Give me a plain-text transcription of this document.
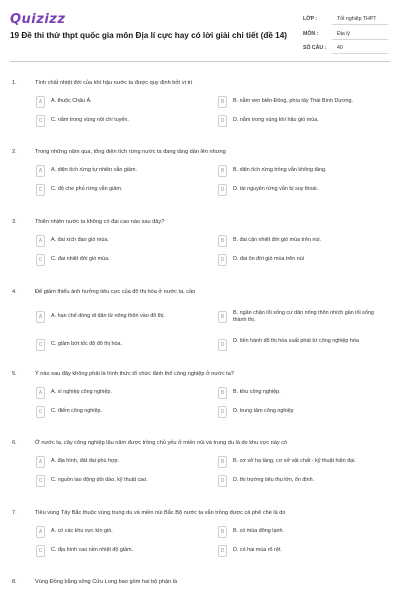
Quizizz
19 Đề thi thử thpt quốc gia môn Địa lí cực hay có lời giải chi tiết (đề 14)
LỚP :	Tốt nghiệp THPT
MÔN :	Địa lý
SỐ CÂU : 40
1.	Tính chất nhiệt đới của khí hậu nước ta được quy định bởi vị trí
A	A. thuộc Châu Á.	B	B. nằm ven biển Đông, phía tây Thái Bình Dương.
C	C. nằm trong vùng nội chí tuyến.	D	D. nằm trong vùng khí hậu gió mùa.
2.	Trong những năm qua, tổng diện tích rừng nước ta đang tăng dần lên nhưng
A	A. diện tích rừng tự nhiên vẫn giảm.	B	B. diện tích rừng trồng vẫn không tăng.
C	C. độ che phủ rừng vẫn giảm.	D	D. tài nguyên rừng vẫn bị suy thoái.
3.	Thiên nhiên nước ta không có đai cao nào sau đây?
A	A. đai xích đạo gió mùa.	B	B. đai cận nhiệt đới gió mùa trên núi.
C	C. đai nhiệt đới gió mùa.	D	D. đai ôn đới gió mùa trên núi
4.	Để giảm thiểu ảnh hưởng tiêu cực của đô thị hóa ở nước ta, cần
A	A. hạn chế dòng di dân từ nông thôn vào đô thị.	B
B. ngăn chặn lối sống cư dân nông thôn nhích gần lối sống thành thị.
C	C. giảm bớt tốc độ đô thị hóa.	D
D. tiến hành đô thị hóa xuất phát từ công nghiệp hóa
5.	Ý nào sau đây không phải là hình thức tổ chức lãnh thổ công nghiệp ở nước ta?
A	A. xí nghiệp công nghiệp.	B	B. khu công nghiệp.
C	C. điểm công nghiệp.	D	D. trung tâm công nghiệp
6.	Ở nước ta, cây công nghiệp lâu năm được trồng chủ yếu ở miền núi và trung du là do khu vực này có
A	A. địa hình, đất đai phù hợp.	B	B. cơ sở hạ tầng, cơ sở vật chất - kỹ thuật hiện đại.
C	C. nguồn lao động dồi dào, kỹ thuật cao.	D	D. thị trường tiêu thụ lớn, ổn định.
7.	Tiêu vùng Tây Bắc thuộc vùng trung du và miền núi Bắc Bộ nước ta vẫn trồng được cả phê chè là do
A	A. có các khu vực kín gió.	B	B. có mùa đông lạnh.
C	C. địa hình cao nền nhiệt độ giảm.	D	D. có hai mùa rõ rệt.
8.	Vùng Đồng bằng sông Cửu Long bao gồm hai bộ phận là
